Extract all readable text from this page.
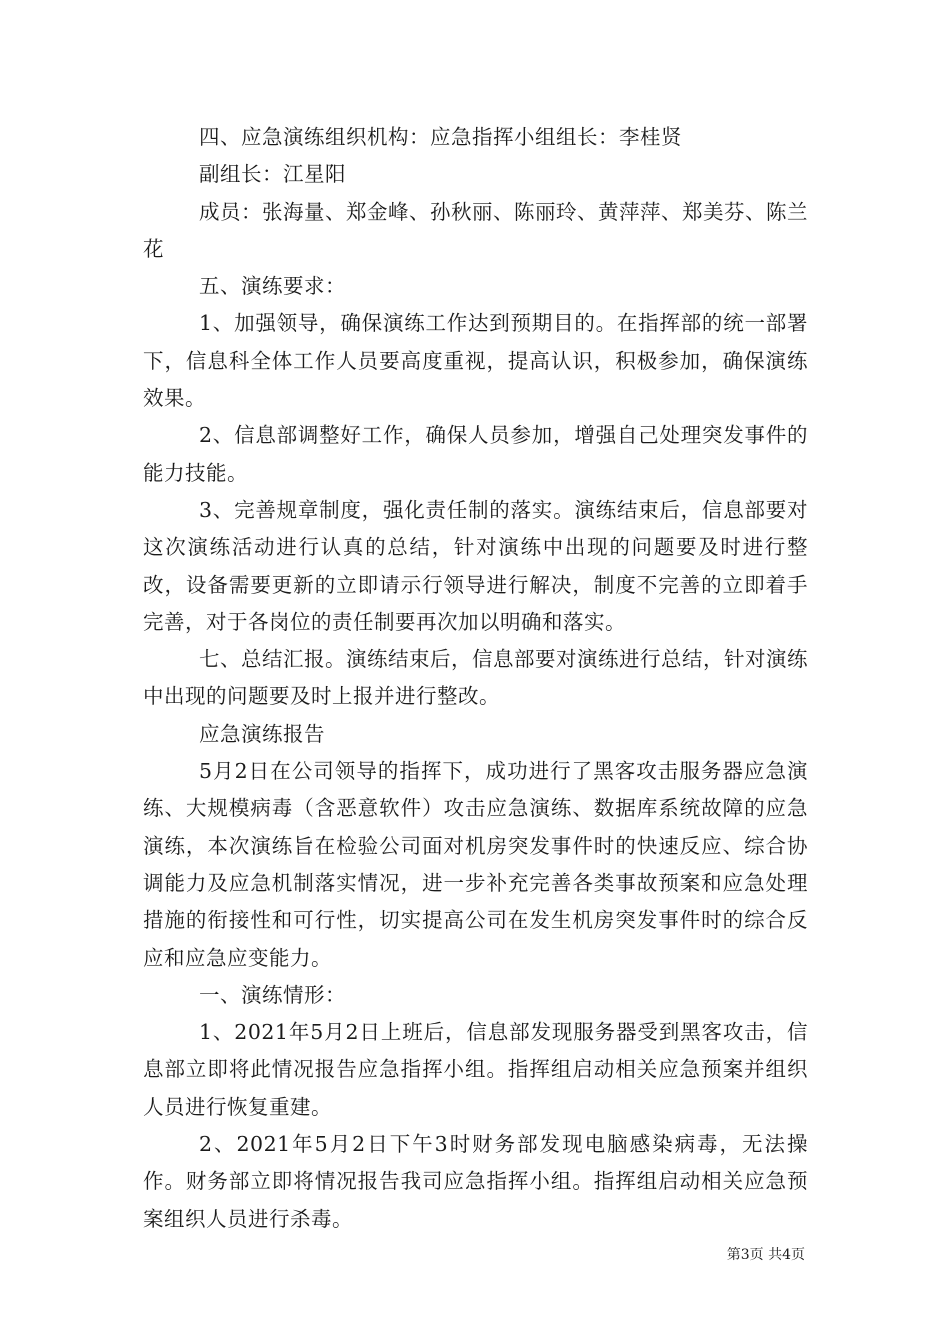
四、应急演练组织机构：应急指挥小组组长：李桂贤

副组长：江星阳

成员：张海量、郑金峰、孙秋丽、陈丽玲、黄萍萍、郑美芬、陈兰花

五、演练要求：

1、加强领导，确保演练工作达到预期目的。在指挥部的统一部署下，信息科全体工作人员要高度重视，提高认识，积极参加，确保演练效果。

2、信息部调整好工作，确保人员参加，增强自己处理突发事件的能力技能。

3、完善规章制度，强化责任制的落实。演练结束后，信息部要对这次演练活动进行认真的总结，针对演练中出现的问题要及时进行整改，设备需要更新的立即请示行领导进行解决，制度不完善的立即着手完善，对于各岗位的责任制要再次加以明确和落实。

七、总结汇报。演练结束后，信息部要对演练进行总结，针对演练中出现的问题要及时上报并进行整改。

应急演练报告

5月2日在公司领导的指挥下，成功进行了黑客攻击服务器应急演练、大规模病毒（含恶意软件）攻击应急演练、数据库系统故障的应急演练，本次演练旨在检验公司面对机房突发事件时的快速反应、综合协调能力及应急机制落实情况，进一步补充完善各类事故预案和应急处理措施的衔接性和可行性，切实提高公司在发生机房突发事件时的综合反应和应急应变能力。

一、演练情形：

1、2021年5月2日上班后，信息部发现服务器受到黑客攻击，信息部立即将此情况报告应急指挥小组。指挥组启动相关应急预案并组织人员进行恢复重建。

2、2021年5月2日下午3时财务部发现电脑感染病毒，无法操作。财务部立即将情况报告我司应急指挥小组。指挥组启动相关应急预案组织人员进行杀毒。

第3页 共4页
